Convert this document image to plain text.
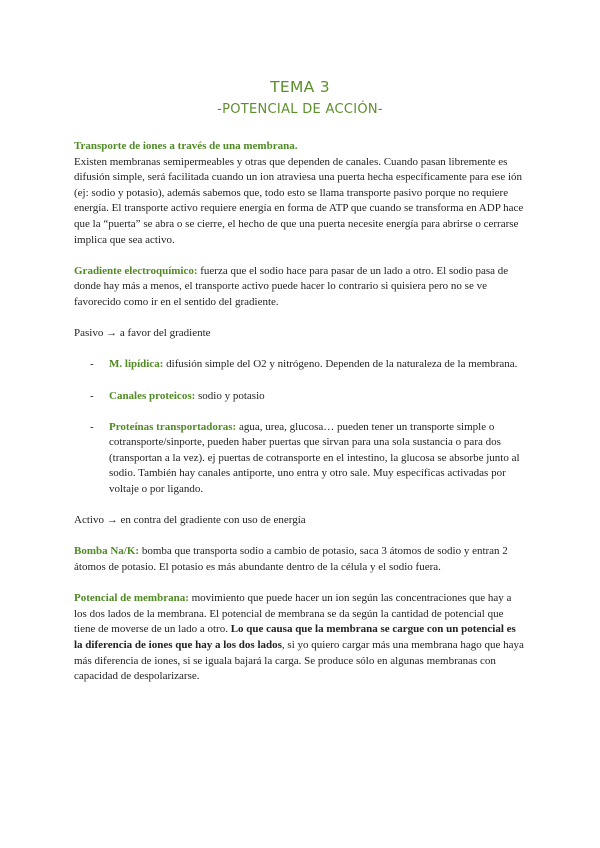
TEMA 3
-POTENCIAL DE ACCIÓN-

Transporte de iones a través de una membrana.
Existen membranas semipermeables y otras que dependen de canales. Cuando pasan libremente es difusión simple, será facilitada cuando un ion atraviesa una puerta hecha específicamente para ese ión (ej: sodio y potasio), además sabemos que, todo esto se llama transporte pasivo porque no requiere energía. El transporte activo requiere energía en forma de ATP que cuando se transforma en ADP hace que la “puerta” se abra o se cierre, el hecho de que una puerta necesite energía para abrirse o cerrarse implica que sea activo.

Gradiente electroquímico: fuerza que el sodio hace para pasar de un lado a otro. El sodio pasa de donde hay más a menos, el transporte activo puede hacer lo contrario si quisiera pero no se ve favorecido como ir en el sentido del gradiente.

Pasivo → a favor del gradiente

- M. lipídica: difusión simple del O2 y nitrógeno. Dependen de la naturaleza de la membrana.
- Canales proteicos: sodio y potasio
- Proteínas transportadoras: agua, urea, glucosa… pueden tener un transporte simple o cotransporte/sinporte, pueden haber puertas que sirvan para una sola sustancia o para dos (transportan a la vez). ej puertas de cotransporte en el intestino, la glucosa se absorbe junto al sodio. También hay canales antiporte, uno entra y otro sale. Muy específicas activadas por voltaje o por ligando.

Activo → en contra del gradiente con uso de energía

Bomba Na/K: bomba que transporta sodio a cambio de potasio, saca 3 átomos de sodio y entran 2 átomos de potasio. El potasio es más abundante dentro de la célula y el sodio fuera.

Potencial de membrana: movimiento que puede hacer un ion según las concentraciones que hay a los dos lados de la membrana. El potencial de membrana se da según la cantidad de potencial que tiene de moverse de un lado a otro. Lo que causa que la membrana se cargue con un potencial es la diferencia de iones que hay a los dos lados, si yo quiero cargar más una membrana hago que haya más diferencia de iones, si se iguala bajará la carga. Se produce sólo en algunas membranas con capacidad de despolarizarse.
